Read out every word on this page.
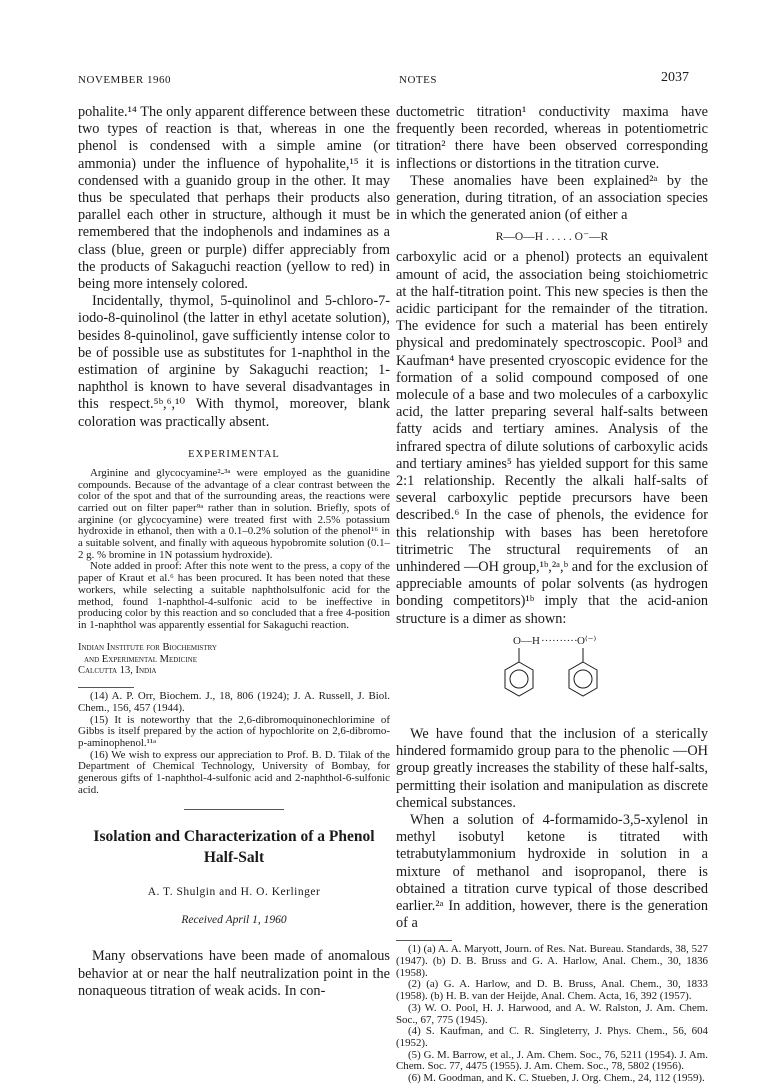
NOVEMBER 1960	NOTES	2037

pohalite.¹⁴ The only apparent difference between these two types of reaction is that, whereas in one the phenol is condensed with a simple amine (or ammonia) under the influence of hypohalite,¹⁵ it is condensed with a guanido group in the other. It may thus be speculated that perhaps their products also parallel each other in structure, although it must be remembered that the indophenols and indamines as a class (blue, green or purple) differ appreciably from the products of Sakaguchi reaction (yellow to red) in being more intensely colored.

Incidentally, thymol, 5-quinolinol and 5-chloro-7-iodo-8-quinolinol (the latter in ethyl acetate solution), besides 8-quinolinol, gave sufficiently intense color to be of possible use as substitutes for 1-naphthol in the estimation of arginine by Sakaguchi reaction; 1-naphthol is known to have several disadvantages in this respect.⁵ᵇ,⁶,¹⁰ With thymol, moreover, blank coloration was practically absent.

EXPERIMENTAL

Arginine and glycocyamine²‑³ᵃ were employed as the guanidine compounds. Because of the advantage of a clear contrast between the color of the spot and that of the surrounding areas, the reactions were carried out on filter paper⁹ᵃ rather than in solution. Briefly, spots of arginine (or glycocyamine) were treated first with 2.5% potassium hydroxide in ethanol, then with a 0.1–0.2% solution of the phenol¹⁶ in a suitable solvent, and finally with aqueous hypobromite solution (0.1–2 g. % bromine in 1N potassium hydroxide).

Note added in proof: After this note went to the press, a copy of the paper of Kraut et al.⁶ has been procured. It has been noted that these workers, while selecting a suitable naphtholsulfonic acid for the method, found 1-naphthol-4-sulfonic acid to be ineffective in producing color by this reaction and so concluded that a free 4-position in 1-naphthol was apparently essential for Sakaguchi reaction.

Indian Institute for Biochemistry
and Experimental Medicine
Calcutta 13, India

(14) A. P. Orr, Biochem. J., 18, 806 (1924); J. A. Russell, J. Biol. Chem., 156, 457 (1944).

(15) It is noteworthy that the 2,6-dibromoquinonechlorimine of Gibbs is itself prepared by the action of hypochlorite on 2,6-dibromo-p-aminophenol.¹¹ᵃ

(16) We wish to express our appreciation to Prof. B. D. Tilak of the Department of Chemical Technology, University of Bombay, for generous gifts of 1-naphthol-4-sulfonic acid and 2-naphthol-6-sulfonic acid.

Isolation and Characterization of a Phenol Half-Salt

A. T. Shulgin and H. O. Kerlinger
Received April 1, 1960

Many observations have been made of anomalous behavior at or near the half neutralization point in the nonaqueous titration of weak acids. In con-

ductometric titration¹ conductivity maxima have frequently been recorded, whereas in potentiometric titration² there have been observed corresponding inflections or distortions in the titration curve.

These anomalies have been explained²ᵃ by the generation, during titration, of an association species in which the generated anion (of either a

R—O—H . . . . . O⁻—R

carboxylic acid or a phenol) protects an equivalent amount of acid, the association being stoichiometric at the half-titration point. This new species is then the acidic participant for the remainder of the titration. The evidence for such a material has been entirely physical and predominately spectroscopic. Pool³ and Kaufman⁴ have presented cryoscopic evidence for the formation of a solid compound composed of one molecule of a base and two molecules of a carboxylic acid, the latter preparing several half-salts between fatty acids and tertiary amines. Analysis of the infrared spectra of dilute solutions of carboxylic acids and tertiary amines⁵ has yielded support for this same 2:1 relationship. Recently the alkali half-salts of several carboxylic peptide precursors have been described.⁶ In the case of phenols, the evidence for this relationship with bases has been heretofore titrimetric The structural requirements of an unhindered —OH group,¹ᵇ,²ᵃ,ᵇ and for the exclusion of appreciable amounts of polar solvents (as hydrogen bonding competitors)¹ᵇ imply that the acid-anion structure is a dimer as shown:

O—H ·········· O⁽⁻⁾

We have found that the inclusion of a sterically hindered formamido group para to the phenolic —OH group greatly increases the stability of these half-salts, permitting their isolation and manipulation as discrete chemical substances.

When a solution of 4-formamido-3,5-xylenol in methyl isobutyl ketone is titrated with tetrabutylammonium hydroxide in solution in a mixture of methanol and isopropanol, there is obtained a titration curve typical of those described earlier.²ᵃ In addition, however, there is the generation of a

(1) (a) A. A. Maryott, Journ. of Res. Nat. Bureau. Standards, 38, 527 (1947). (b) D. B. Bruss and G. A. Harlow, Anal. Chem., 30, 1836 (1958).

(2) (a) G. A. Harlow, and D. B. Bruss, Anal. Chem., 30, 1833 (1958). (b) H. B. van der Heijde, Anal. Chem. Acta, 16, 392 (1957).

(3) W. O. Pool, H. J. Harwood, and A. W. Ralston, J. Am. Chem. Soc., 67, 775 (1945).

(4) S. Kaufman, and C. R. Singleterry, J. Phys. Chem., 56, 604 (1952).

(5) G. M. Barrow, et al., J. Am. Chem. Soc., 76, 5211 (1954). J. Am. Chem. Soc. 77, 4475 (1955). J. Am. Chem. Soc., 78, 5802 (1956).

(6) M. Goodman, and K. C. Stueben, J. Org. Chem., 24, 112 (1959).
